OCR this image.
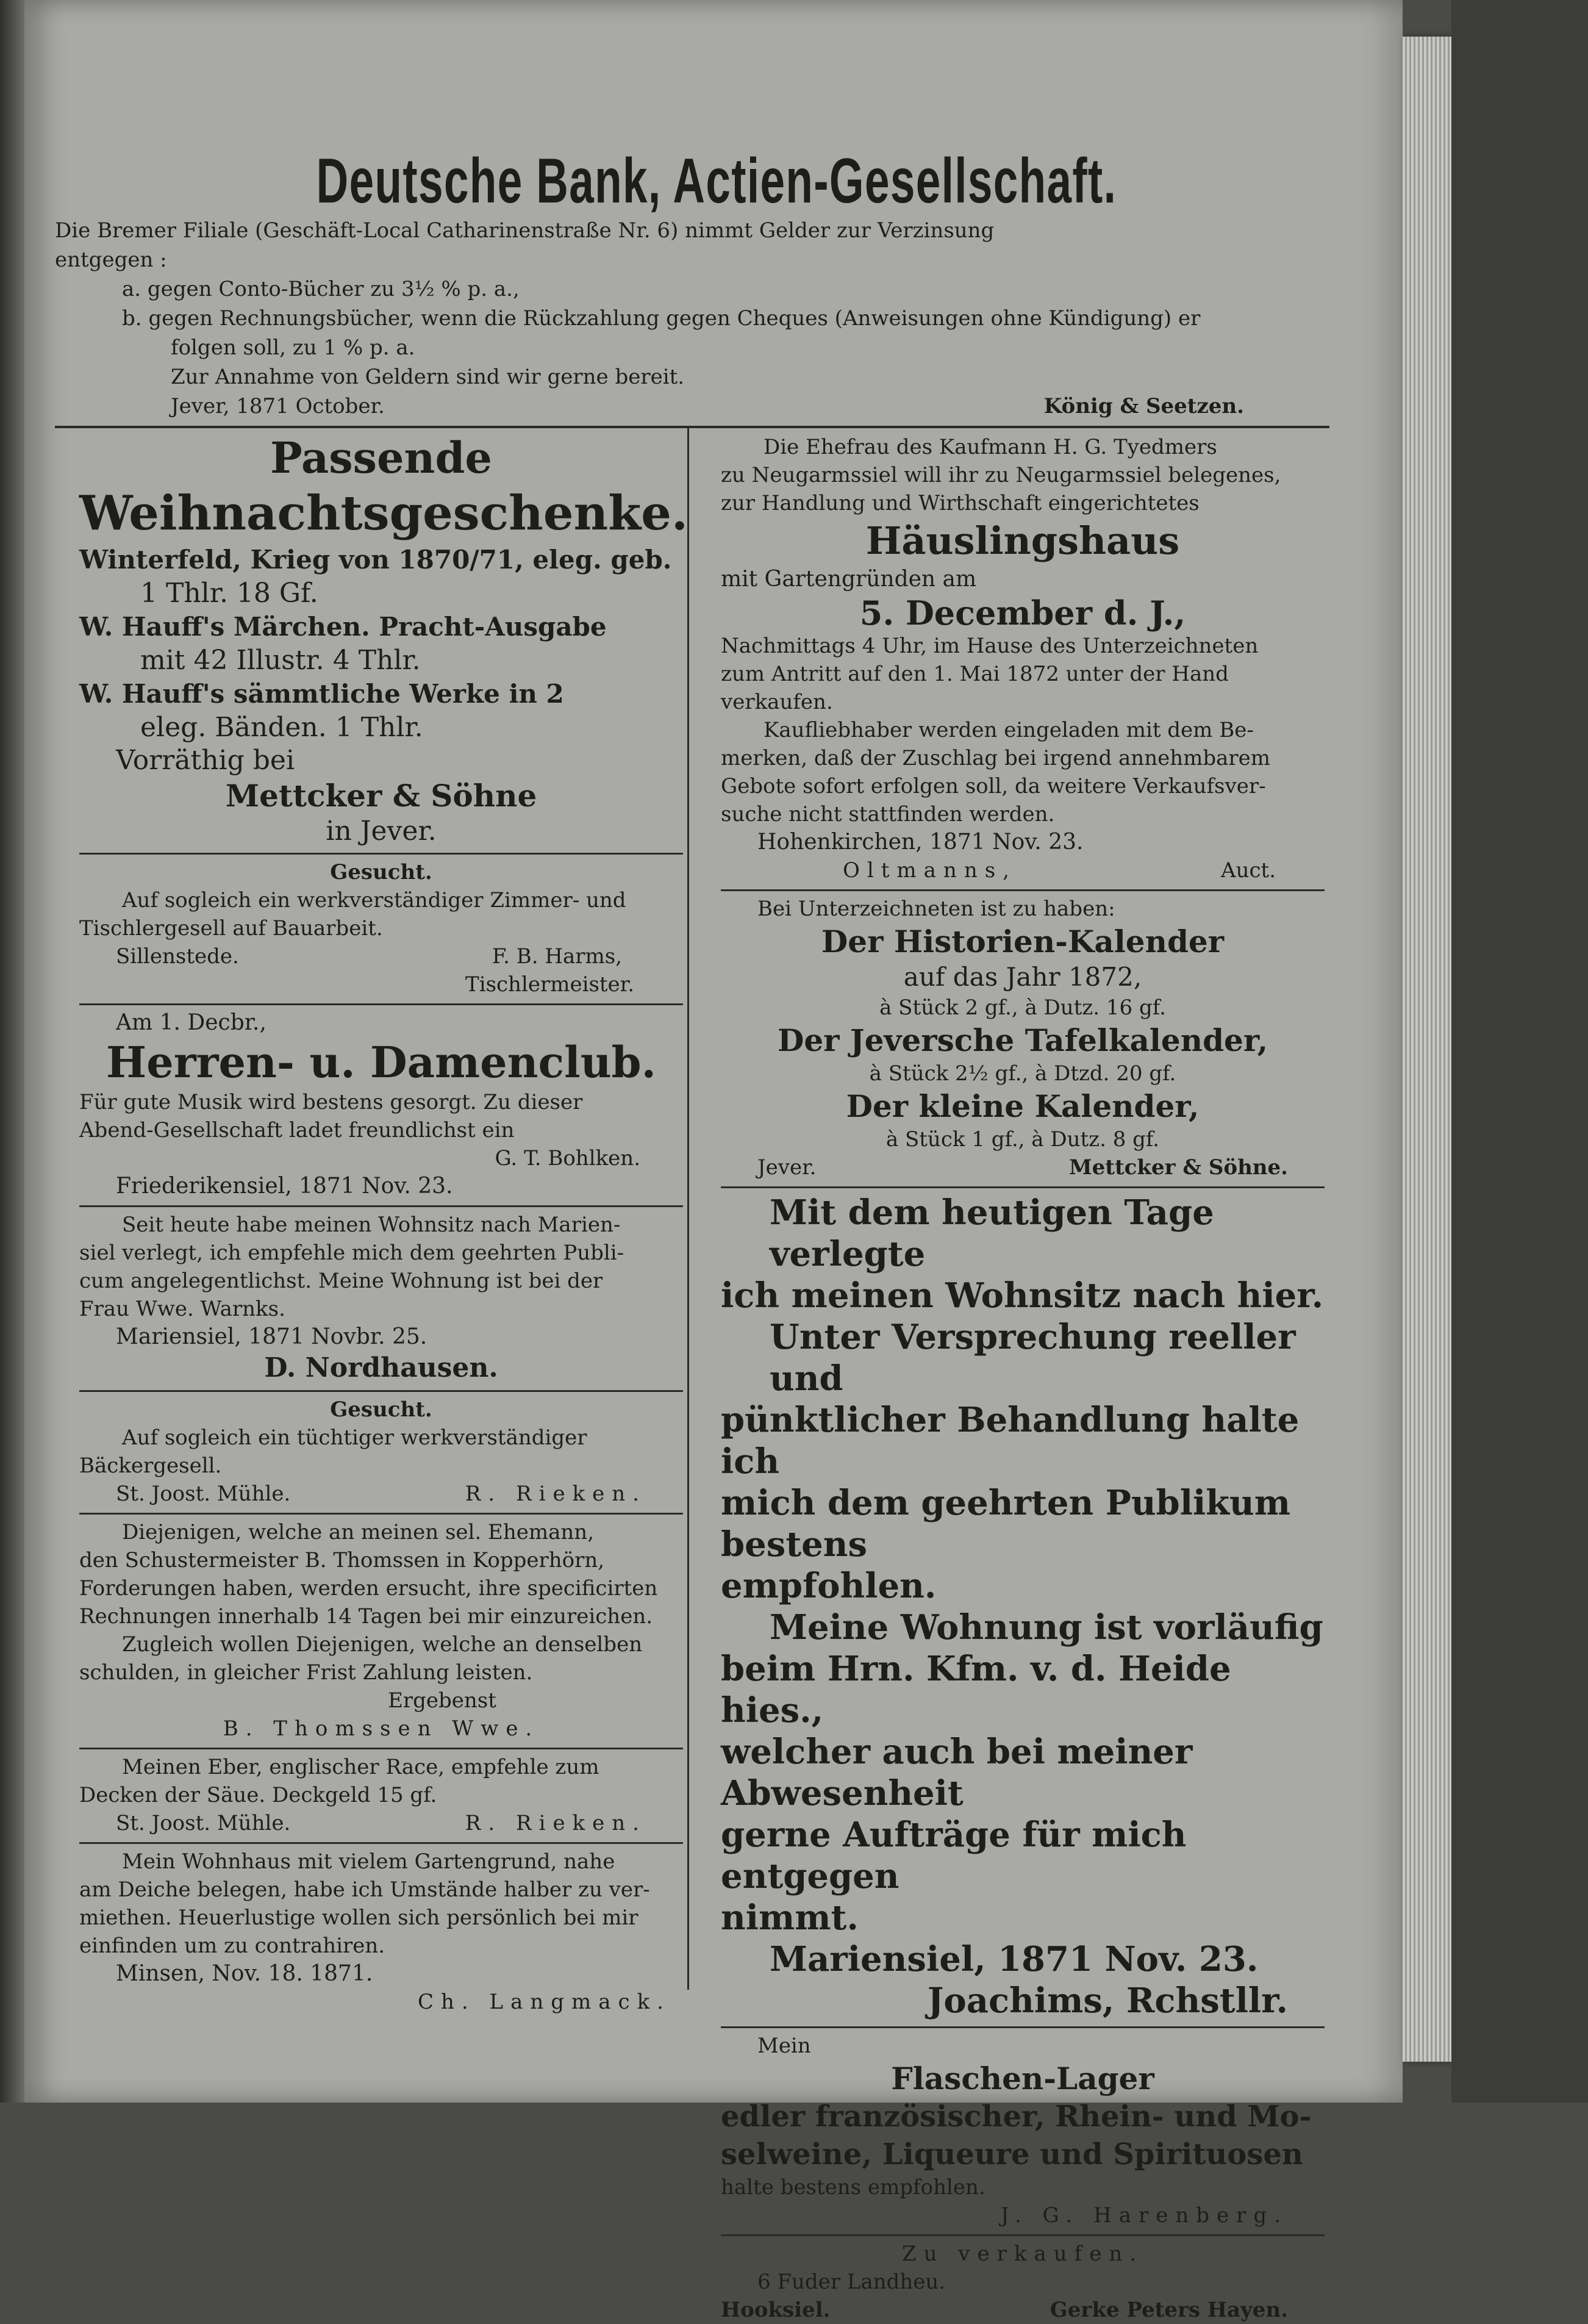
Deutsche Bank, Actien-Gesellschaft.

Die Bremer Filiale (Geschäft-Local Catharinenstraße Nr. 6) nimmt Gelder zur Verzinsung

entgegen :

a. gegen Conto-Bücher zu 3½ % p. a.,

b. gegen Rechnungsbücher, wenn die Rückzahlung gegen Cheques (Anweisungen ohne Kündigung) er

folgen soll, zu 1 % p. a.

Zur Annahme von Geldern sind wir gerne bereit.

Jever, 1871 October.	König & Seetzen.

Passende
Weihnachtsgeschenke.
Winterfeld, Krieg von 1870/71, eleg. geb.
1 Thlr. 18 Gf.
W. Hauff's Märchen. Pracht-Ausgabe
mit 42 Illustr. 4 Thlr.
W. Hauff's sämmtliche Werke in 2
eleg. Bänden. 1 Thlr.
Vorräthig bei
Mettcker & Söhne
in Jever.
Gesucht.
Auf sogleich ein werkverständiger Zimmer- und
Tischlergesell auf Bauarbeit.
Sillenstede.	F. B. Harms,
Tischlermeister.
Am 1. Decbr.,
Herren- u. Damenclub.
Für gute Musik wird bestens gesorgt. Zu dieser
Abend-Gesellschaft ladet freundlichst ein
G. T. Bohlken.
Friederikensiel, 1871 Nov. 23.
Seit heute habe meinen Wohnsitz nach Marien-
siel verlegt, ich empfehle mich dem geehrten Publi-
cum angelegentlichst. Meine Wohnung ist bei der
Frau Wwe. Warnks.
Mariensiel, 1871 Novbr. 25.
D. Nordhausen.
Gesucht.
Auf sogleich ein tüchtiger werkverständiger
Bäckergesell.
St. Joost. Mühle.	R. Rieken.
Diejenigen, welche an meinen sel. Ehemann,
den Schustermeister B. Thomssen in Kopperhörn,
Forderungen haben, werden ersucht, ihre specificirten
Rechnungen innerhalb 14 Tagen bei mir einzureichen.
Zugleich wollen Diejenigen, welche an denselben
schulden, in gleicher Frist Zahlung leisten.
Ergebenst
B. Thomssen Wwe.
Meinen Eber, englischer Race, empfehle zum
Decken der Säue. Deckgeld 15 gf.
St. Joost. Mühle.	R. Rieken.
Mein Wohnhaus mit vielem Gartengrund, nahe
am Deiche belegen, habe ich Umstände halber zu ver-
miethen. Heuerlustige wollen sich persönlich bei mir
einfinden um zu contrahiren.
Minsen, Nov. 18. 1871.
Ch. Langmack.
Die Ehefrau des Kaufmann H. G. Tyedmers
zu Neugarmssiel will ihr zu Neugarmssiel belegenes,
zur Handlung und Wirthschaft eingerichtetes
Häuslingshaus
mit Gartengründen am
5. December d. J.,
Nachmittags 4 Uhr, im Hause des Unterzeichneten
zum Antritt auf den 1. Mai 1872 unter der Hand
verkaufen.
Kaufliebhaber werden eingeladen mit dem Be-
merken, daß der Zuschlag bei irgend annehmbarem
Gebote sofort erfolgen soll, da weitere Verkaufsver-
suche nicht stattfinden werden.
Hohenkirchen, 1871 Nov. 23.
Oltmanns,	Auct.
Bei Unterzeichneten ist zu haben:
Der Historien-Kalender
auf das Jahr 1872,
à Stück 2 gf., à Dutz. 16 gf.
Der Jeversche Tafelkalender,
à Stück 2½ gf., à Dtzd. 20 gf.
Der kleine Kalender,
à Stück 1 gf., à Dutz. 8 gf.
Jever.	Mettcker & Söhne.
Mit dem heutigen Tage verlegte
ich meinen Wohnsitz nach hier.
Unter Versprechung reeller und
pünktlicher Behandlung halte ich
mich dem geehrten Publikum bestens
empfohlen.
Meine Wohnung ist vorläufig
beim Hrn. Kfm. v. d. Heide hies.,
welcher auch bei meiner Abwesenheit
gerne Aufträge für mich entgegen
nimmt.
Mariensiel, 1871 Nov. 23.
Joachims, Rchstllr.
Mein
Flaschen-Lager
edler französischer, Rhein- und Mo-
selweine, Liqueure und Spirituosen
halte bestens empfohlen.
J. G. Harenberg.
Zu verkaufen.
6 Fuder Landheu.
Hooksiel.	Gerke Peters Hayen.
